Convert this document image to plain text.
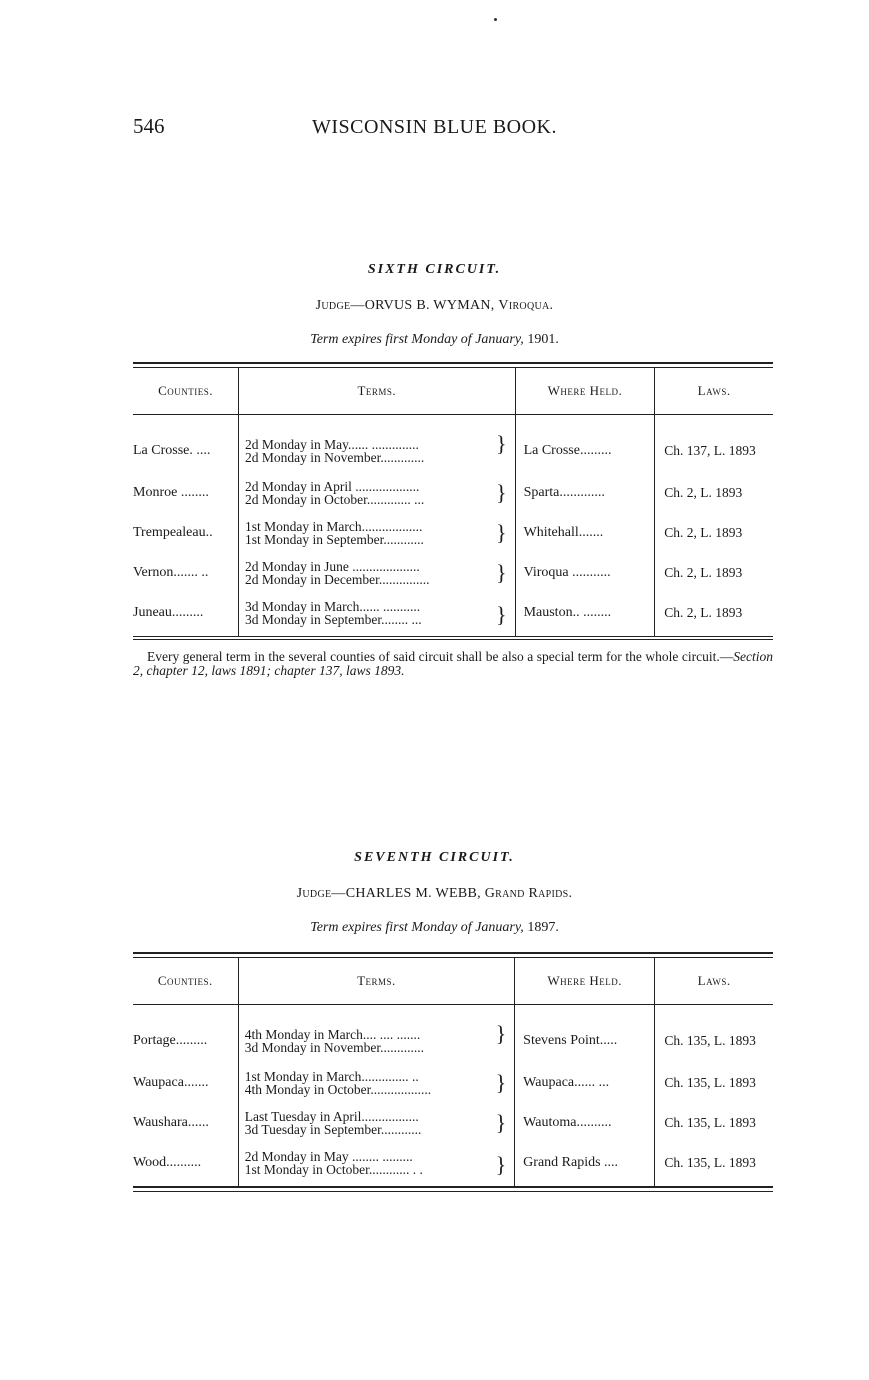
546	WISCONSIN BLUE BOOK.
SIXTH CIRCUIT.
Judge—ORVUS B. WYMAN, Viroqua.
Term expires first Monday of January, 1901.
Counties.	Terms.	Where Held.	Laws.
La Crosse. ....	2d Monday in May...... ..............
2d Monday in November.............
}	La Crosse.........	Ch. 137, L. 1893
Monroe ........	2d Monday in April ...................
2d Monday in October............. ... }	Sparta.............	Ch. 2, L. 1893
Trempealeau..	1st Monday in March..................
1st Monday in September............ }	Whitehall.......	Ch. 2, L. 1893
Vernon....... ..	2d Monday in June ....................
2d Monday in December............... }	Viroqua ...........	Ch. 2, L. 1893
Juneau.........	3d Monday in March...... ...........
3d Monday in September........ ... }	Mauston.. ........	Ch. 2, L. 1893
Every general term in the several counties of said circuit shall be also a special term for the whole circuit.—Section 2, chapter 12, laws 1891; chapter 137, laws 1893.
SEVENTH CIRCUIT.
Judge—CHARLES M. WEBB, Grand Rapids.
Term expires first Monday of January, 1897.
Counties.	Terms.	Where Held.	Laws.
Portage.........	4th Monday in March.... .... .......
3d Monday in November.............
}	Stevens Point.....	Ch. 135, L. 1893
Waupaca.......	1st Monday in March.............. ..
4th Monday in October.................. }	Waupaca...... ...	Ch. 135, L. 1893
Waushara......	Last Tuesday in April.................
3d Tuesday in September............ }	Wautoma..........	Ch. 135, L. 1893
Wood..........	2d Monday in May ........ .........
1st Monday in October............ . . }	Grand Rapids ....	Ch. 135, L. 1893
